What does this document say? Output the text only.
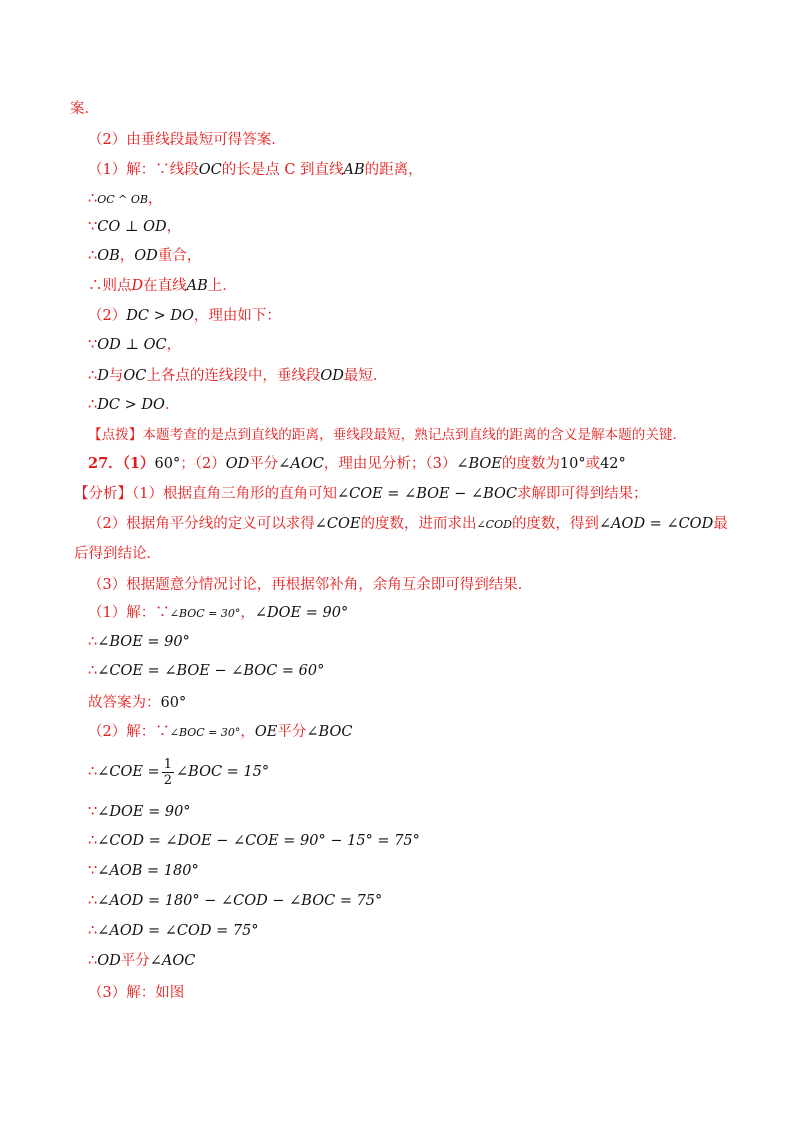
案．
（2）由垂线段最短可得答案．
（1）解：∵线段OC的长是点 C 到直线AB的距离，
∴OC ^ OB，
∵CO ⊥ OD，
∴OB，OD重合，
∴则点D在直线AB上．
（2）DC > DO，理由如下：
∵OD ⊥ OC，
∴D与OC上各点的连线段中，垂线段OD最短．
∴DC > DO．
【点拨】本题考查的是点到直线的距离，垂线段最短，熟记点到直线的距离的含义是解本题的关键．
27．（1）60°；（2）OD平分∠AOC，理由见分析；（3）∠BOE的度数为10°或42°
【分析】（1）根据直角三角形的直角可知∠COE = ∠BOE − ∠BOC求解即可得到结果；
（2）根据角平分线的定义可以求得∠COE的度数，进而求出∠COD的度数，得到∠AOD = ∠COD最
后得到结论．
（3）根据题意分情况讨论，再根据邻补角，余角互余即可得到结果．
（1）解：∵∠BOC = 30°，∠DOE = 90°
∴∠BOE = 90°
∴∠COE = ∠BOE − ∠BOC = 60°
故答案为：60°
（2）解：∵∠BOC = 30°，OE平分∠BOC
∴∠COE = $\frac{1}{2}$ ∠BOC = 15°
∵∠DOE = 90°
∴∠COD = ∠DOE − ∠COE = 90° − 15° = 75°
∵∠AOB = 180°
∴∠AOD = 180° − ∠COD − ∠BOC = 75°
∴∠AOD = ∠COD = 75°
∴OD平分∠AOC
（3）解：如图
